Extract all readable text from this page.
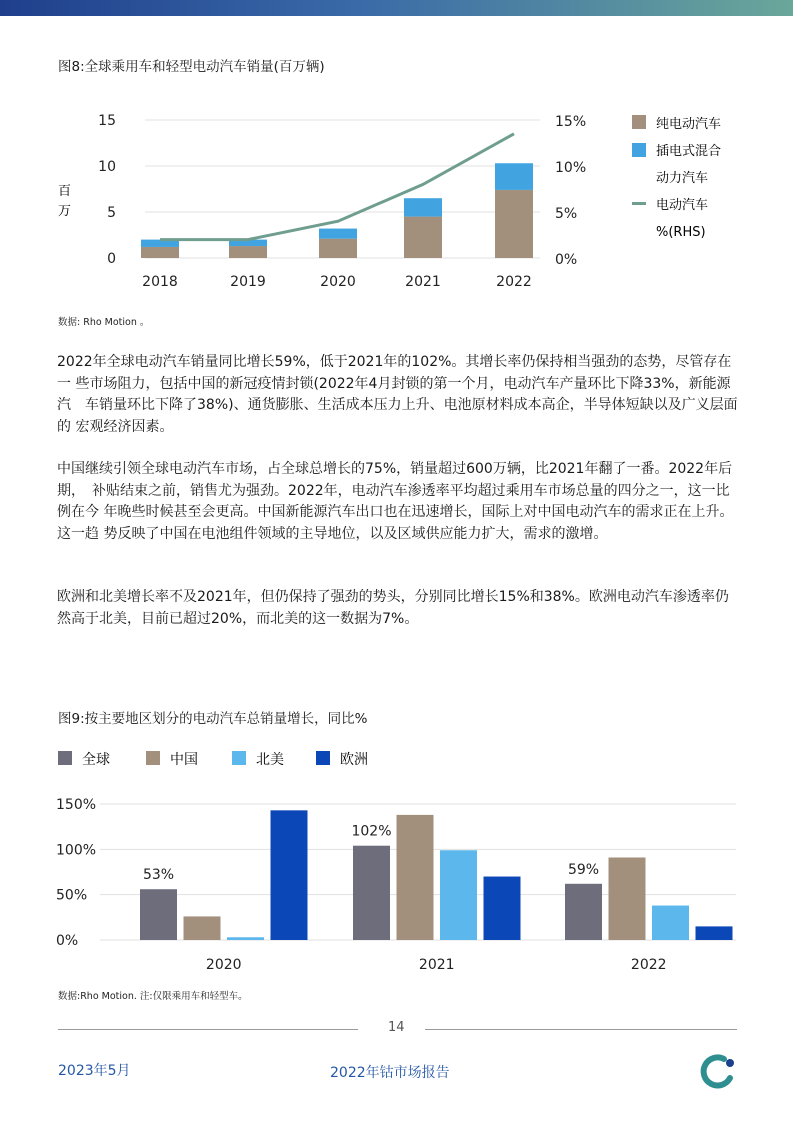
图8:全球乘用车和轻型电动汽车销量(百万辆)
0
5
10
15
0%
5%
10%
15%
2018	2019	2020	2021	2022
百
万
纯电动汽车
插电式混合
动力汽车
电动汽车
%(RHS)
数据: Rho Motion 。
2022年全球电动汽车销量同比增长59%，低于2021年的102%。其增长率仍保持相当强劲的态势，尽管存在一 些市场阻力，包括中国的新冠疫情封锁(2022年4月封锁的第一个月，电动汽车产量环比下降33%，新能源汽　车销量环比下降了38%)、通货膨胀、生活成本压力上升、电池原材料成本高企，半导体短缺以及广义层面的 宏观经济因素。
中国继续引领全球电动汽车市场，占全球总增长的75%，销量超过600万辆，比2021年翻了一番。2022年后期，　补贴结束之前，销售尤为强劲。2022年，电动汽车渗透率平均超过乘用车市场总量的四分之一，这一比例在今 年晚些时候甚至会更高。中国新能源汽车出口也在迅速增长，国际上对中国电动汽车的需求正在上升。这一趋 势反映了中国在电池组件领域的主导地位，以及区域供应能力扩大，需求的激增。
欧洲和北美增长率不及2021年，但仍保持了强劲的势头，分别同比增长15%和38%。欧洲电动汽车渗透率仍 然高于北美，目前已超过20%，而北美的这一数据为7%。
图9:按主要地区划分的电动汽车总销量增长，同比%
全球	中国	北美	欧洲
53%
102%
59%
0%
50%
100%
150%
2020	2021	2022
数据:Rho Motion. 注:仅限乘用车和轻型车。
14
2023年5月	2022年钴市场报告
